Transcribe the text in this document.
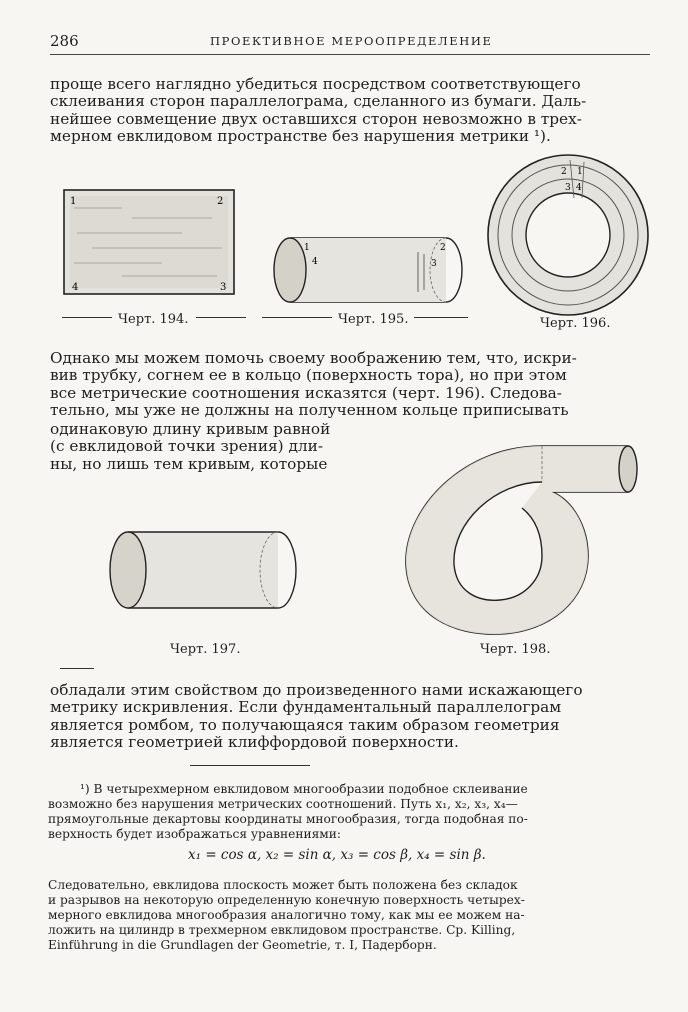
286	ПРОЕКТИВНОЕ МЕРООПРЕДЕЛЕНИЕ
проще всего наглядно убедиться посредством соответствующего
склеивания сторон параллелограма, сделанного из бумаги. Даль-
нейшее совмещение двух оставшихся сторон невозможно в трех-
мерном евклидовом пространстве без нарушения метрики ¹).
1	2
3
4
1
4	3
2
2 1
3 4
Черт. 194.	Черт. 195.	Черт. 196.
Однако мы можем помочь своему воображению тем, что, искри-
вив трубку, согнем ее в кольцо (поверхность тора), но при этом
все метрические соотношения исказятся (черт. 196). Следова-
тельно, мы уже не должны на полученном кольце приписывать
одинаковую длину кривым равной
(с евклидовой точки зрения) дли-
ны, но лишь тем кривым, которые
Черт. 197.	Черт. 198.
обладали этим свойством до произведенного нами искажающего
метрику искривления. Если фундаментальный параллелограм
является ромбом, то получающаяся таким образом геометрия
является геометрией клиффордовой поверхности.
¹) В четырехмерном евклидовом многообразии подобное склеивание
возможно без нарушения метрических соотношений. Путь x₁, x₂, x₃, x₄—
прямоугольные декартовы координаты многообразия, тогда подобная по-
верхность будет изображаться уравнениями:
x₁ = cos α, x₂ = sin α, x₃ = cos β, x₄ = sin β.
Следовательно, евклидова плоскость может быть положена без складок
и разрывов на некоторую определенную конечную поверхность четырех-
мерного евклидова многообразия аналогично тому, как мы ее можем на-
ложить на цилиндр в трехмерном евклидовом пространстве. Ср. Killing,
Einführung in die Grundlagen der Geometrie, т. I, Падерборн.
